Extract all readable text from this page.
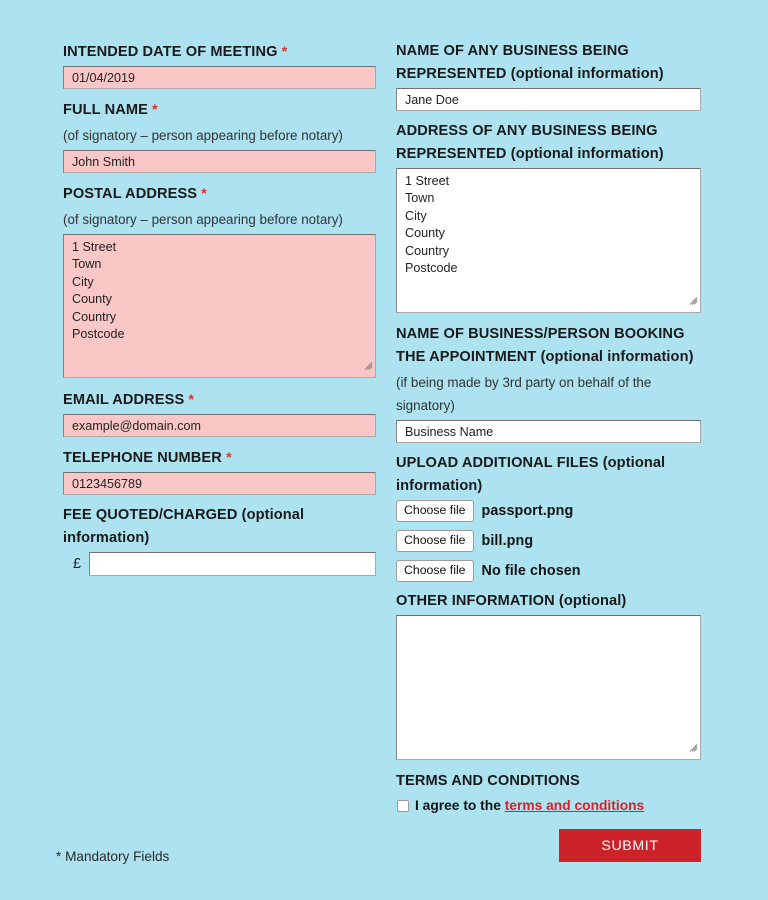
INTENDED DATE OF MEETING *
01/04/2019
FULL NAME *
(of signatory – person appearing before notary)
John Smith
POSTAL ADDRESS *
(of signatory – person appearing before notary)
1 Street Town City County Country Postcode
EMAIL ADDRESS *
example@domain.com
TELEPHONE NUMBER *
0123456789
FEE QUOTED/CHARGED (optional information)
£
NAME OF ANY BUSINESS BEING REPRESENTED (optional information)
Jane Doe
ADDRESS OF ANY BUSINESS BEING REPRESENTED (optional information)
1 Street Town City County Country Postcode
NAME OF BUSINESS/PERSON BOOKING THE APPOINTMENT (optional information)
(if being made by 3rd party on behalf of the signatory)
Business Name
UPLOAD ADDITIONAL FILES (optional information)
Choose file	passport.png
Choose file	bill.png
Choose file	No file chosen
OTHER INFORMATION (optional)
TERMS AND CONDITIONS
I agree to the terms and conditions
SUBMIT
* Mandatory Fields
